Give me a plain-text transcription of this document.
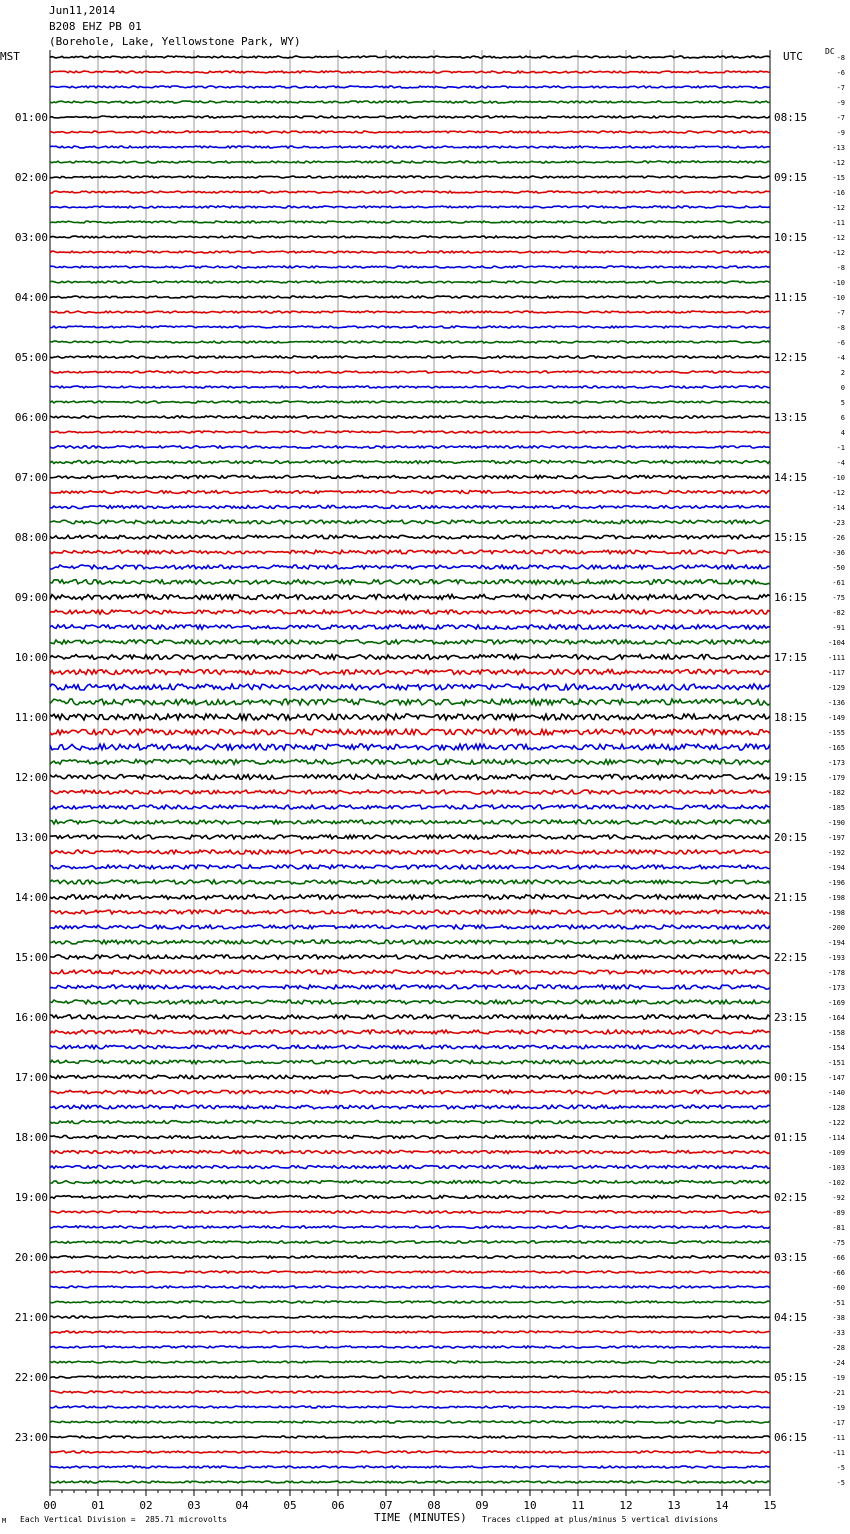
Jun11,2014
B208 EHZ PB 01
(Borehole, Lake, Yellowstone Park, WY)
MST	UTC	DC
00	01	02	03	04	05	06	07	08	09	10	11	12	13	14	15
-8
-6
-7
-9
-7
01:00	08:15
-9
-13
-12
-15
02:00	09:15
-16
-12
-11
-12
03:00	10:15
-12
-8
-10
-10
04:00	11:15
-7
-8
-6
-4
05:00	12:15
2
0
5
6
06:00	13:15
4
-1
-4
-10
07:00	14:15
-12
-14
-23
-26
08:00	15:15
-36
-50
-61
-75
09:00	16:15
-82
-91
-104
-111
10:00	17:15
-117
-129
-136
-149
11:00	18:15
-155
-165
-173
-179
12:00	19:15
-182
-185
-190
-197
13:00	20:15
-192
-194
-196
-198
14:00	21:15
-198
-200
-194
-193
15:00	22:15
-178
-173
-169
-164
16:00	23:15
-158
-154
-151
-147
17:00	00:15
-140
-128
-122
-114
18:00	01:15
-109
-103
-102
-92
19:00	02:15
-89
-81
-75
-66
20:00	03:15
-66
-60
-51
-38
21:00	04:15
-33
-28
-24
-19
22:00	05:15
-21
-19
-17
-11
23:00	06:15
-11
-5
-5
M Each Vertical Division =  285.71 microvolts	TIME (MINUTES) Traces clipped at plus/minus 5 vertical divisions
